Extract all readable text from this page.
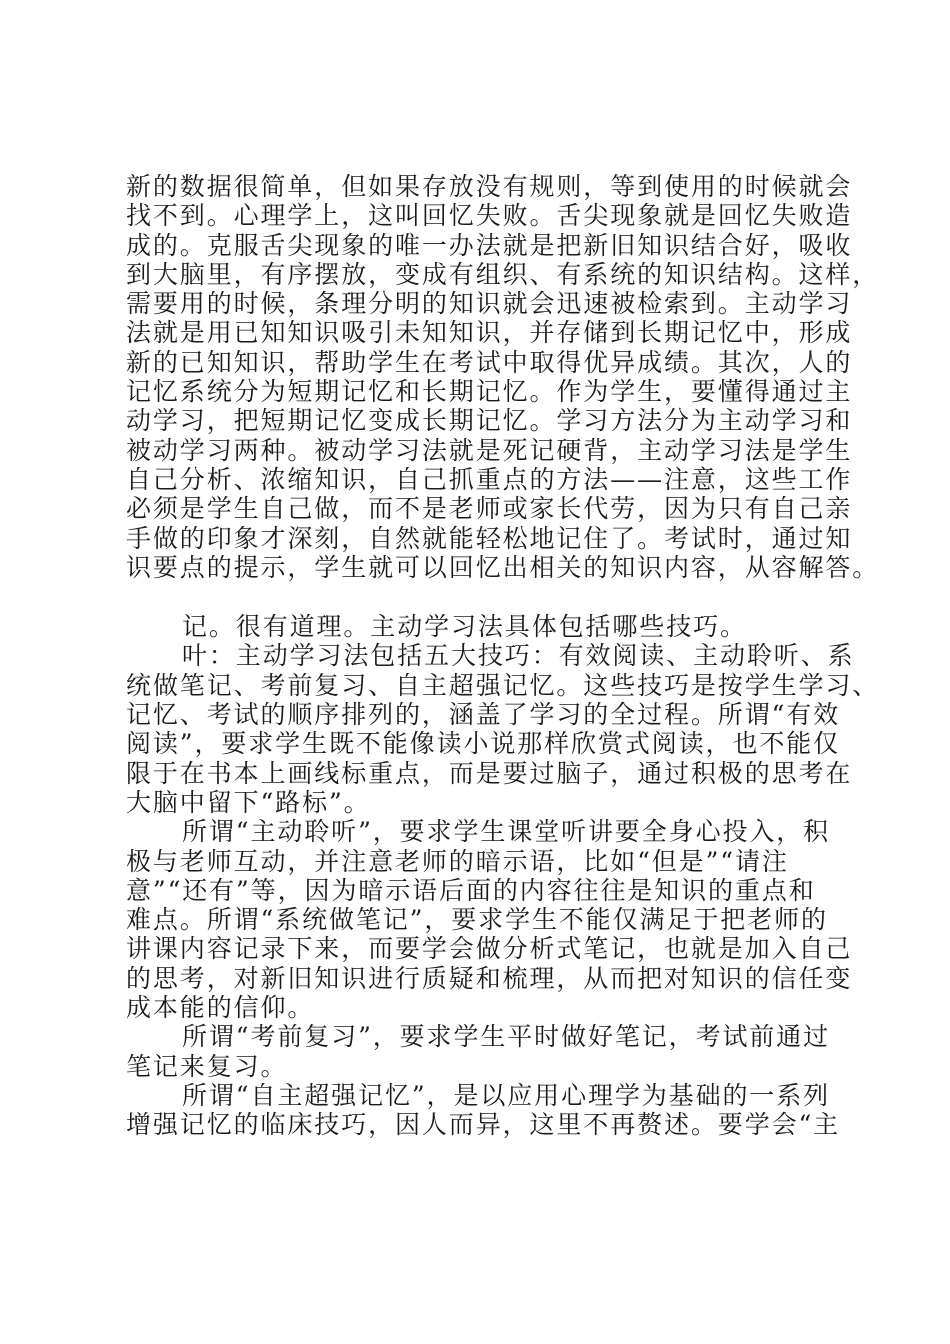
新的数据很简单，但如果存放没有规则，等到使用的时候就会
找不到。心理学上，这叫回忆失败。舌尖现象就是回忆失败造
成的。克服舌尖现象的唯一办法就是把新旧知识结合好，吸收
到大脑里，有序摆放，变成有组织、有系统的知识结构。这样，
需要用的时候，条理分明的知识就会迅速被检索到。主动学习
法就是用已知知识吸引未知知识，并存储到长期记忆中，形成
新的已知知识，帮助学生在考试中取得优异成绩。其次，人的
记忆系统分为短期记忆和长期记忆。作为学生，要懂得通过主
动学习，把短期记忆变成长期记忆。学习方法分为主动学习和
被动学习两种。被动学习法就是死记硬背，主动学习法是学生
自己分析、浓缩知识，自己抓重点的方法——注意，这些工作
必须是学生自己做，而不是老师或家长代劳，因为只有自己亲
手做的印象才深刻，自然就能轻松地记住了。考试时，通过知
识要点的提示，学生就可以回忆出相关的知识内容，从容解答。
记。很有道理。主动学习法具体包括哪些技巧。
叶：主动学习法包括五大技巧：有效阅读、主动聆听、系
统做笔记、考前复习、自主超强记忆。这些技巧是按学生学习、
记忆、考试的顺序排列的，涵盖了学习的全过程。所谓“有效
阅读”，要求学生既不能像读小说那样欣赏式阅读，也不能仅
限于在书本上画线标重点，而是要过脑子，通过积极的思考在
大脑中留下“路标”。
所谓“主动聆听”，要求学生课堂听讲要全身心投入，积
极与老师互动，并注意老师的暗示语，比如“但是”“请注
意”“还有”等，因为暗示语后面的内容往往是知识的重点和
难点。所谓“系统做笔记”，要求学生不能仅满足于把老师的
讲课内容记录下来，而要学会做分析式笔记，也就是加入自己
的思考，对新旧知识进行质疑和梳理，从而把对知识的信任变
成本能的信仰。
所谓“考前复习”，要求学生平时做好笔记，考试前通过
笔记来复习。
所谓“自主超强记忆”，是以应用心理学为基础的一系列
增强记忆的临床技巧，因人而异，这里不再赘述。要学会“主
